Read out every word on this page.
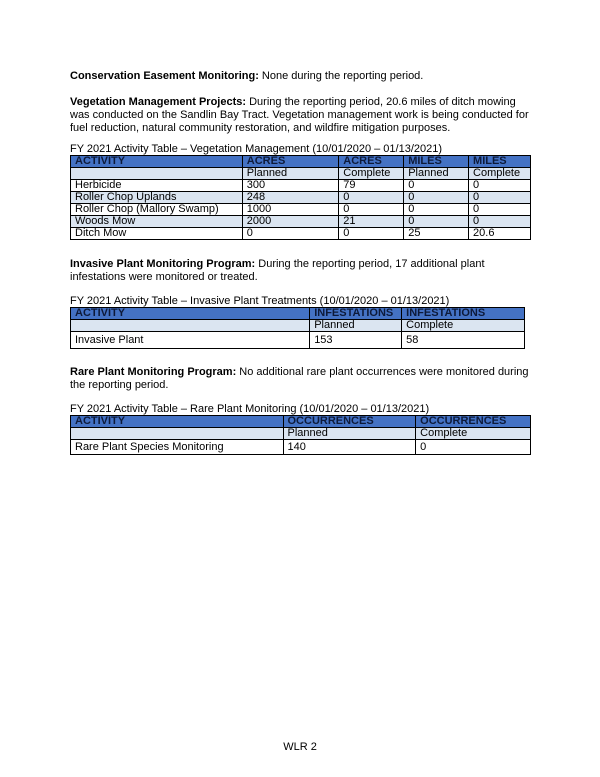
Conservation Easement Monitoring: None during the reporting period.

Vegetation Management Projects: During the reporting period, 20.6 miles of ditch mowing was conducted on the Sandlin Bay Tract. Vegetation management work is being conducted for fuel reduction, natural community restoration, and wildfire mitigation purposes.

FY 2021 Activity Table – Vegetation Management (10/01/2020 – 01/13/2021)
ACTIVITY	ACRES	ACRES	MILES	MILES
	Planned	Complete	Planned	Complete
Herbicide	300	79	0	0
Roller Chop Uplands	248	0	0	0
Roller Chop (Mallory Swamp)	1000	0	0	0
Woods Mow	2000	21	0	0
Ditch Mow	0	0	25	20.6

Invasive Plant Monitoring Program: During the reporting period, 17 additional plant infestations were monitored or treated.

FY 2021 Activity Table – Invasive Plant Treatments (10/01/2020 – 01/13/2021)
ACTIVITY	INFESTATIONS	INFESTATIONS
	Planned	Complete
Invasive Plant	153	58

Rare Plant Monitoring Program: No additional rare plant occurrences were monitored during the reporting period.

FY 2021 Activity Table – Rare Plant Monitoring (10/01/2020 – 01/13/2021)
ACTIVITY	OCCURRENCES	OCCURRENCES
	Planned	Complete
Rare Plant Species Monitoring	140	0
WLR 2
